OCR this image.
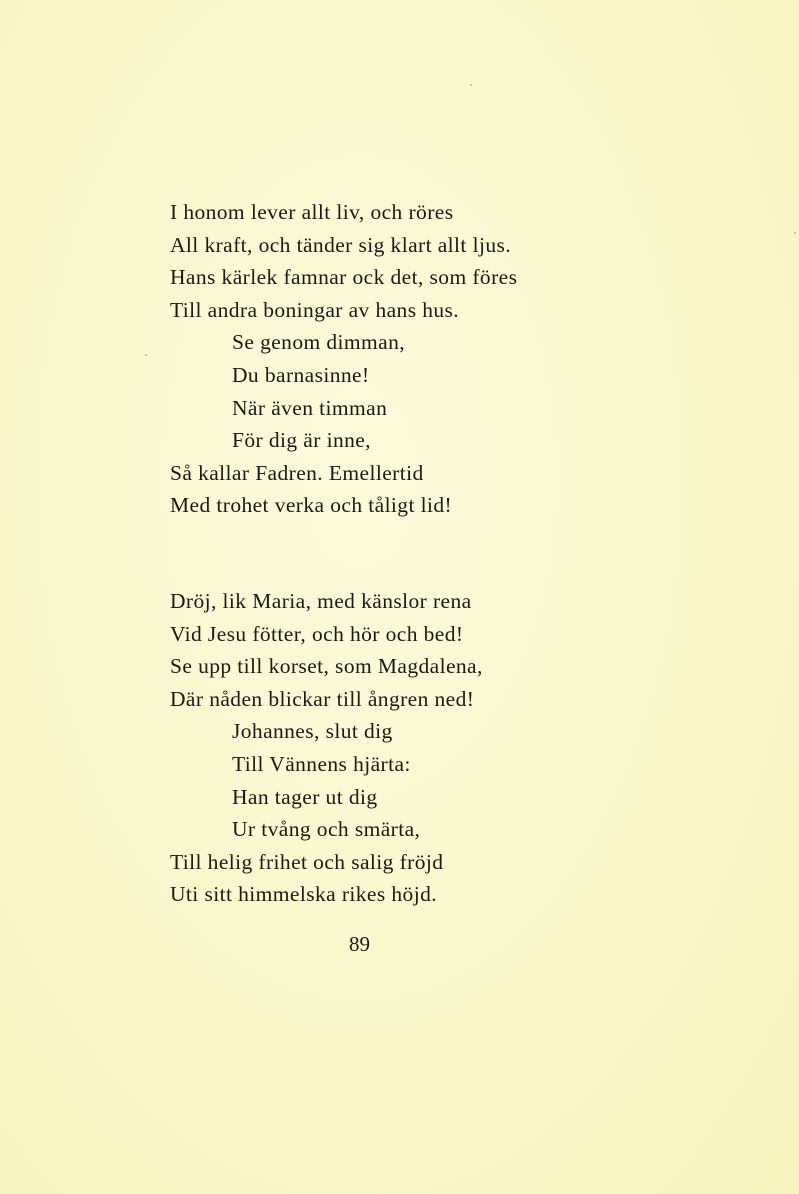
I honom lever allt liv, och röres
All kraft, och tänder sig klart allt ljus.
Hans kärlek famnar ock det, som föres
Till andra boningar av hans hus.
Se genom dimman,
Du barnasinne!
När även timman
För dig är inne,
Så kallar Fadren. Emellertid
Med trohet verka och tåligt lid!
Dröj, lik Maria, med känslor rena
Vid Jesu fötter, och hör och bed!
Se upp till korset, som Magdalena,
Där nåden blickar till ångren ned!
Johannes, slut dig
Till Vännens hjärta:
Han tager ut dig
Ur tvång och smärta,
Till helig frihet och salig fröjd
Uti sitt himmelska rikes höjd.
89
